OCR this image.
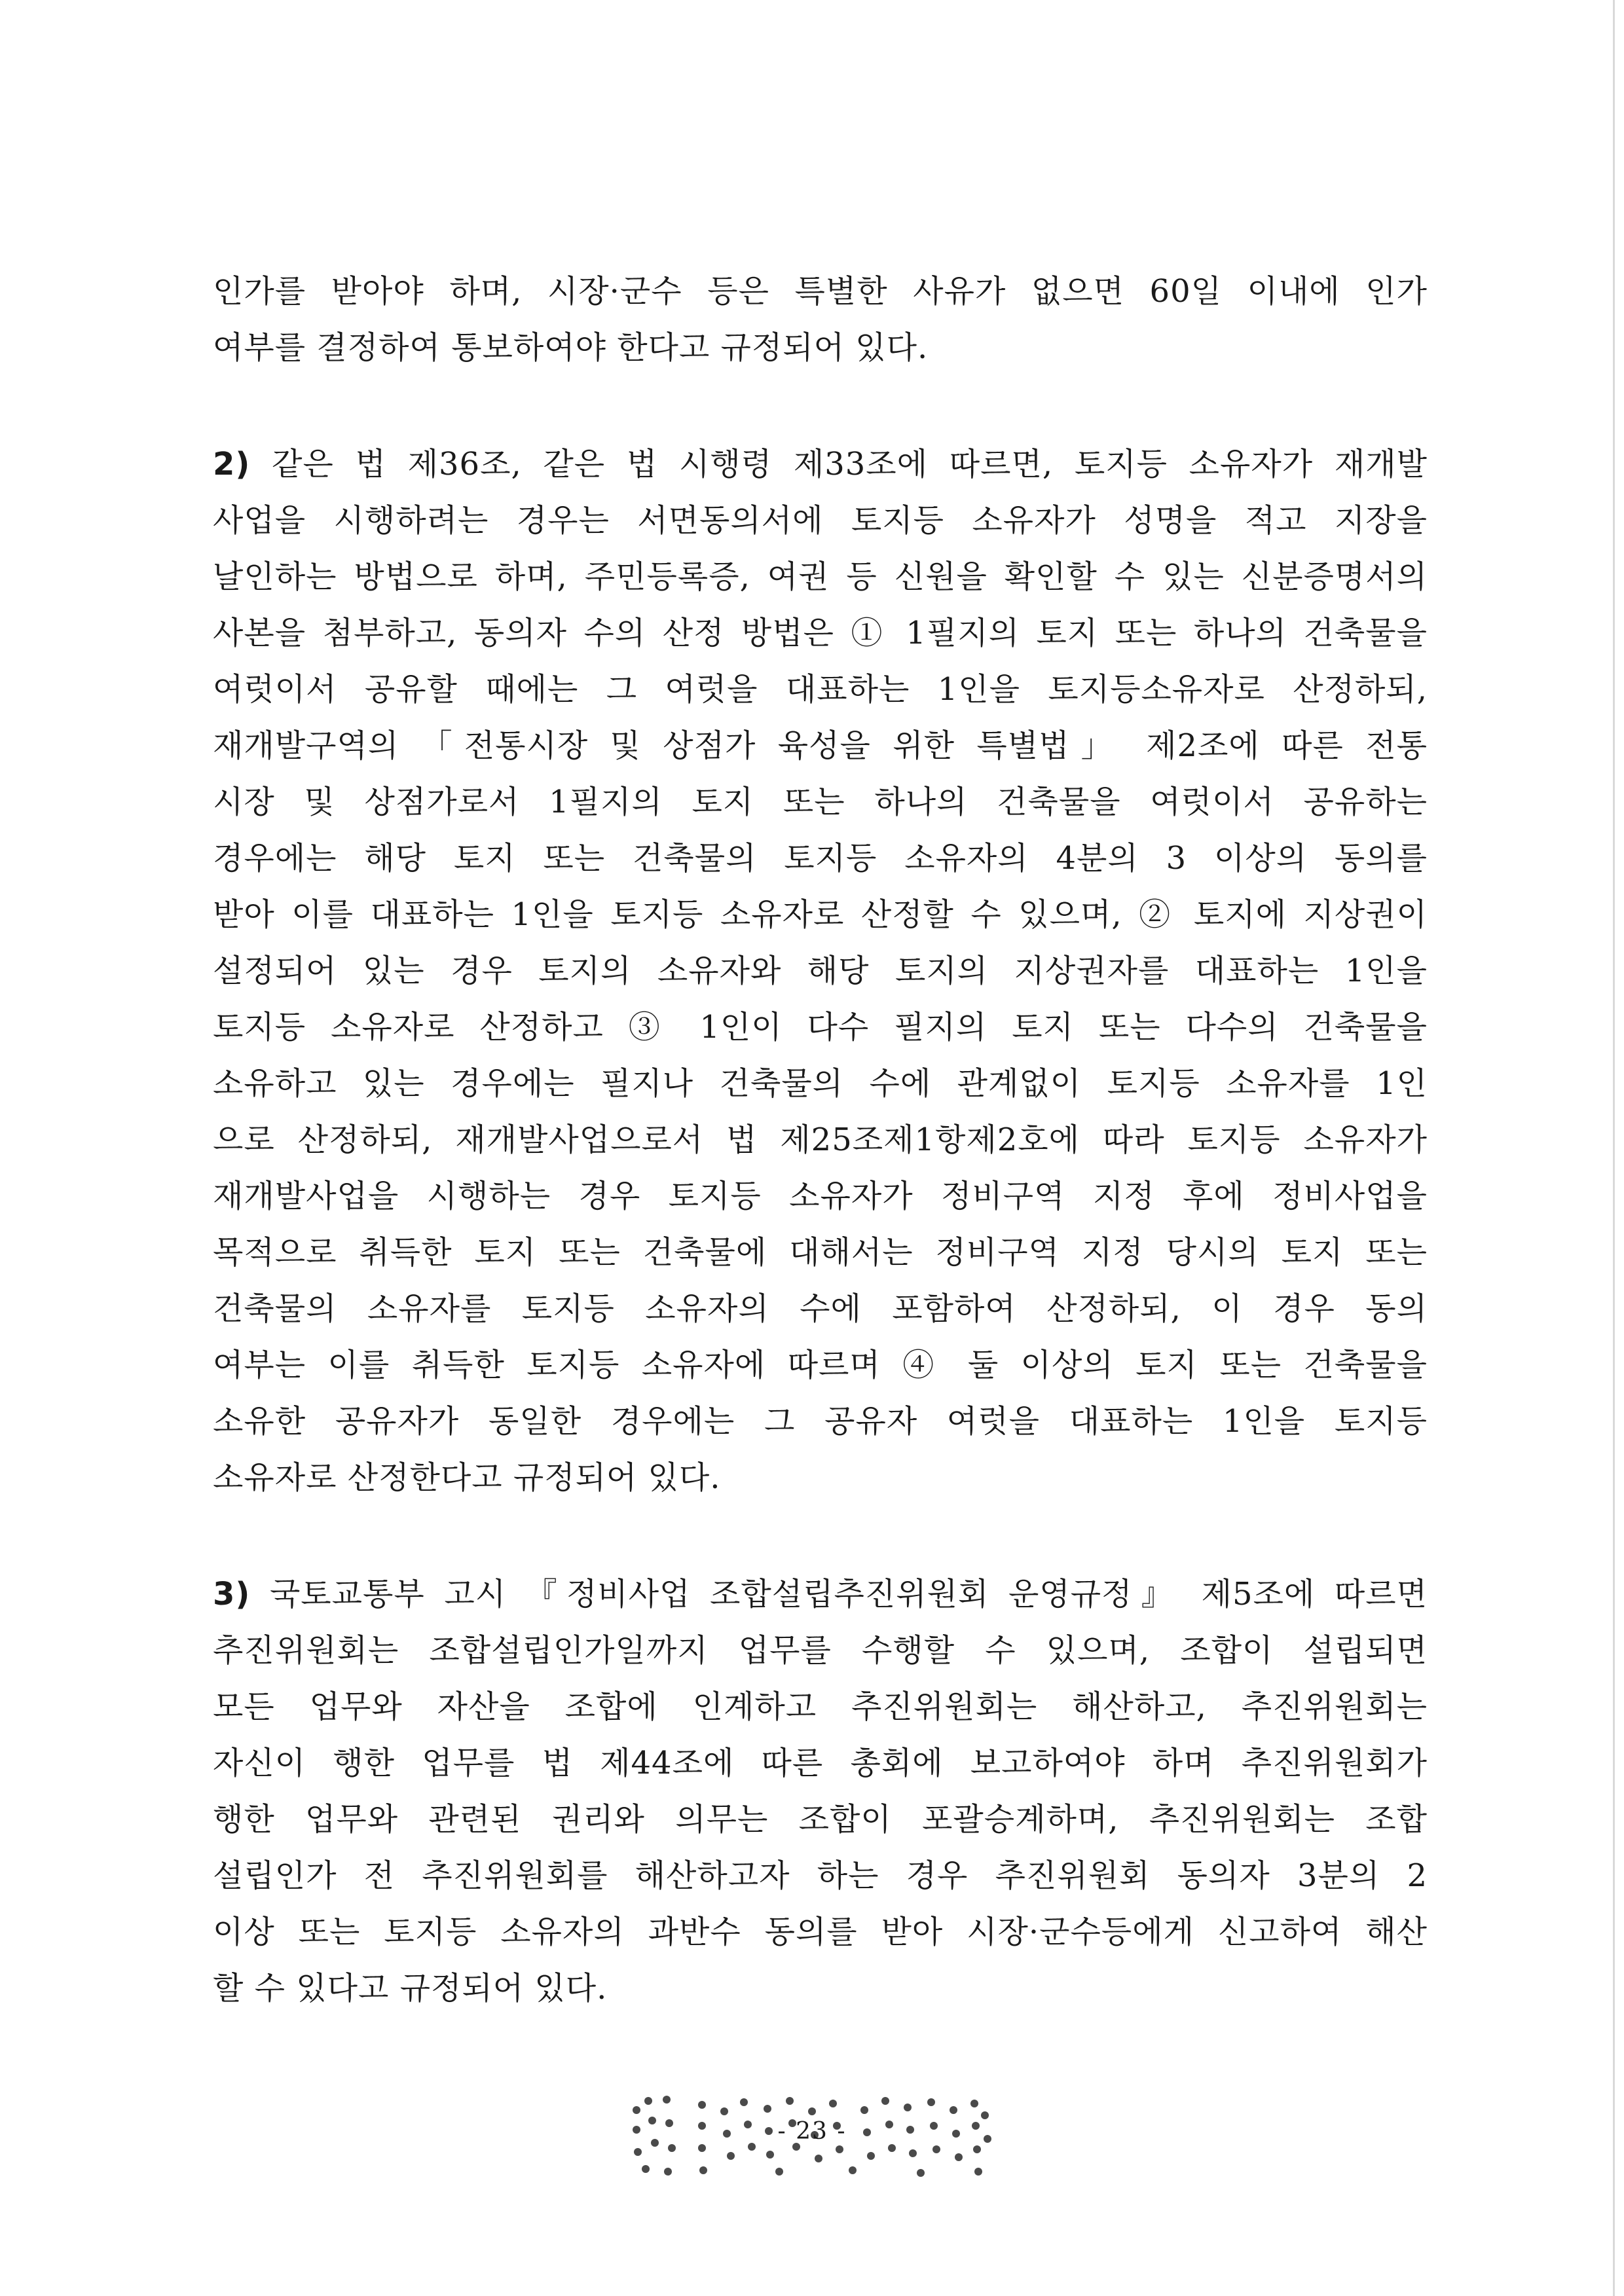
인가를 받아야 하며, 시장·군수 등은 특별한 사유가 없으면 60일 이내에 인가
여부를 결정하여 통보하여야 한다고 규정되어 있다.
2) 같은 법 제36조, 같은 법 시행령 제33조에 따르면, 토지등 소유자가 재개발
사업을 시행하려는 경우는 서면동의서에 토지등 소유자가 성명을 적고 지장을
날인하는 방법으로 하며, 주민등록증, 여권 등 신원을 확인할 수 있는 신분증명서의
사본을 첨부하고, 동의자 수의 산정 방법은 ① 1필지의 토지 또는 하나의 건축물을
여럿이서 공유할 때에는 그 여럿을 대표하는 1인을 토지등소유자로 산정하되,
재개발구역의 「전통시장 및 상점가 육성을 위한 특별법」 제2조에 따른 전통
시장 및 상점가로서 1필지의 토지 또는 하나의 건축물을 여럿이서 공유하는
경우에는 해당 토지 또는 건축물의 토지등 소유자의 4분의 3 이상의 동의를
받아 이를 대표하는 1인을 토지등 소유자로 산정할 수 있으며, ② 토지에 지상권이
설정되어 있는 경우 토지의 소유자와 해당 토지의 지상권자를 대표하는 1인을
토지등 소유자로 산정하고 ③ 1인이 다수 필지의 토지 또는 다수의 건축물을
소유하고 있는 경우에는 필지나 건축물의 수에 관계없이 토지등 소유자를 1인
으로 산정하되, 재개발사업으로서 법 제25조제1항제2호에 따라 토지등 소유자가
재개발사업을 시행하는 경우 토지등 소유자가 정비구역 지정 후에 정비사업을
목적으로 취득한 토지 또는 건축물에 대해서는 정비구역 지정 당시의 토지 또는
건축물의 소유자를 토지등 소유자의 수에 포함하여 산정하되, 이 경우 동의
여부는 이를 취득한 토지등 소유자에 따르며 ④ 둘 이상의 토지 또는 건축물을
소유한 공유자가 동일한 경우에는 그 공유자 여럿을 대표하는 1인을 토지등
소유자로 산정한다고 규정되어 있다.
3) 국토교통부 고시 『정비사업 조합설립추진위원회 운영규정』 제5조에 따르면
추진위원회는 조합설립인가일까지 업무를 수행할 수 있으며, 조합이 설립되면
모든 업무와 자산을 조합에 인계하고 추진위원회는 해산하고, 추진위원회는
자신이 행한 업무를 법 제44조에 따른 총회에 보고하여야 하며 추진위원회가
행한 업무와 관련된 권리와 의무는 조합이 포괄승계하며, 추진위원회는 조합
설립인가 전 추진위원회를 해산하고자 하는 경우 추진위원회 동의자 3분의 2
이상 또는 토지등 소유자의 과반수 동의를 받아 시장·군수등에게 신고하여 해산
할 수 있다고 규정되어 있다.
- 23 -
